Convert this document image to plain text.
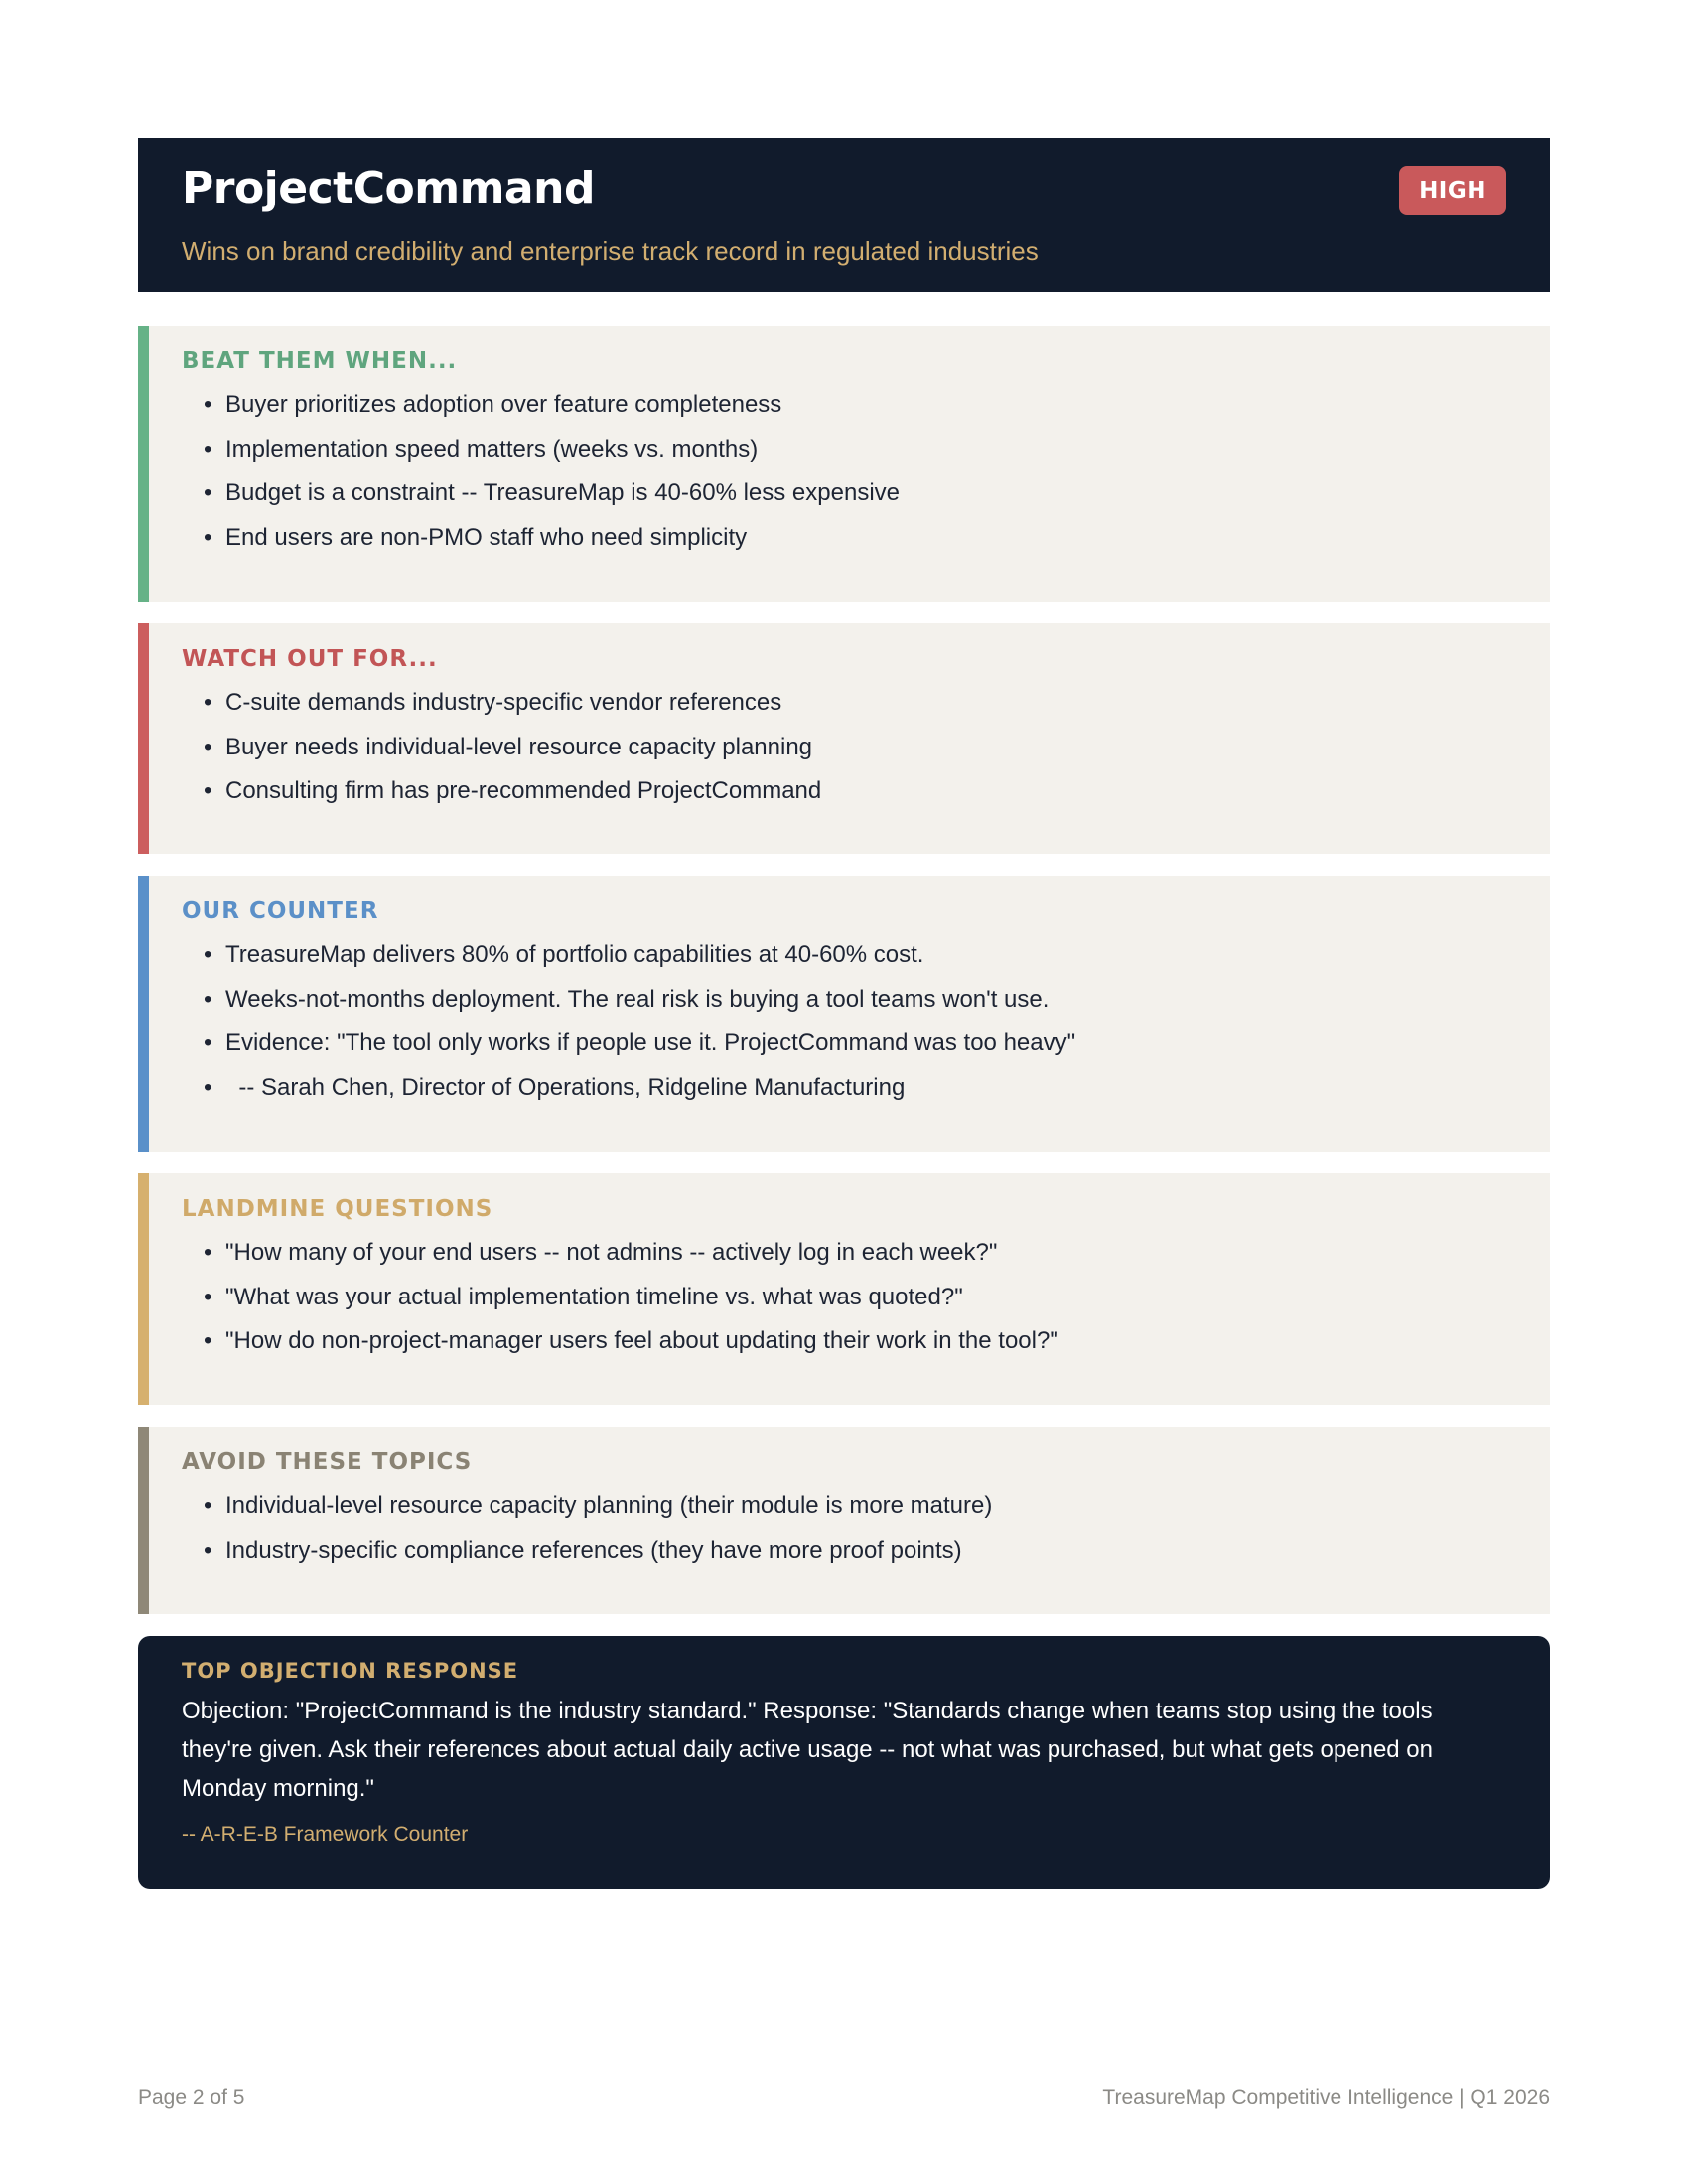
ProjectCommand
Wins on brand credibility and enterprise track record in regulated industries
HIGH
BEAT THEM WHEN...
• Buyer prioritizes adoption over feature completeness
• Implementation speed matters (weeks vs. months)
• Budget is a constraint -- TreasureMap is 40-60% less expensive
• End users are non-PMO staff who need simplicity
WATCH OUT FOR...
• C-suite demands industry-specific vendor references
• Buyer needs individual-level resource capacity planning
• Consulting firm has pre-recommended ProjectCommand
OUR COUNTER
• TreasureMap delivers 80% of portfolio capabilities at 40-60% cost.
• Weeks-not-months deployment. The real risk is buying a tool teams won't use.
• Evidence: "The tool only works if people use it. ProjectCommand was too heavy"
•   -- Sarah Chen, Director of Operations, Ridgeline Manufacturing
LANDMINE QUESTIONS
• "How many of your end users -- not admins -- actively log in each week?"
• "What was your actual implementation timeline vs. what was quoted?"
• "How do non-project-manager users feel about updating their work in the tool?"
AVOID THESE TOPICS
• Individual-level resource capacity planning (their module is more mature)
• Industry-specific compliance references (they have more proof points)
TOP OBJECTION RESPONSE
Objection: "ProjectCommand is the industry standard." Response: "Standards change when teams stop using the tools they're given. Ask their references about actual daily active usage -- not what was purchased, but what gets opened on Monday morning."
-- A-R-E-B Framework Counter
Page 2 of 5	TreasureMap Competitive Intelligence | Q1 2026
